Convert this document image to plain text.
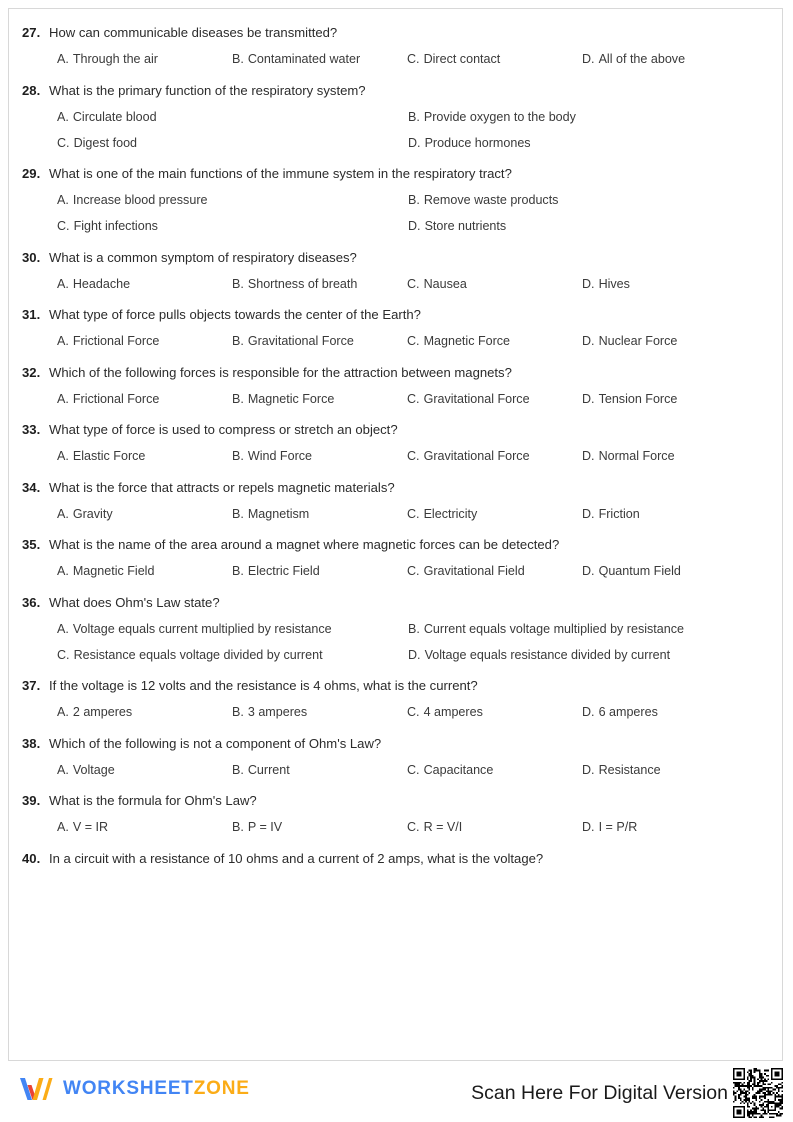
27. How can communicable diseases be transmitted?
A. Through the air	B. Contaminated water	C. Direct contact	D. All of the above
28. What is the primary function of the respiratory system?
A. Circulate blood	B. Provide oxygen to the body
C. Digest food	D. Produce hormones
29. What is one of the main functions of the immune system in the respiratory tract?
A. Increase blood pressure	B. Remove waste products
C. Fight infections	D. Store nutrients
30. What is a common symptom of respiratory diseases?
A. Headache	B. Shortness of breath	C. Nausea	D. Hives
31. What type of force pulls objects towards the center of the Earth?
A. Frictional Force	B. Gravitational Force	C. Magnetic Force	D. Nuclear Force
32. Which of the following forces is responsible for the attraction between magnets?
A. Frictional Force	B. Magnetic Force	C. Gravitational Force	D. Tension Force
33. What type of force is used to compress or stretch an object?
A. Elastic Force	B. Wind Force	C. Gravitational Force	D. Normal Force
34. What is the force that attracts or repels magnetic materials?
A. Gravity	B. Magnetism	C. Electricity	D. Friction
35. What is the name of the area around a magnet where magnetic forces can be detected?
A. Magnetic Field	B. Electric Field	C. Gravitational Field	D. Quantum Field
36. What does Ohm's Law state?
A. Voltage equals current multiplied by resistance	B. Current equals voltage multiplied by resistance
C. Resistance equals voltage divided by current	D. Voltage equals resistance divided by current
37. If the voltage is 12 volts and the resistance is 4 ohms, what is the current?
A. 2 amperes	B. 3 amperes	C. 4 amperes	D. 6 amperes
38. Which of the following is not a component of Ohm's Law?
A. Voltage	B. Current	C. Capacitance	D. Resistance
39. What is the formula for Ohm's Law?
A. V = IR	B. P = IV	C. R = V/I	D. I = P/R
40. In a circuit with a resistance of 10 ohms and a current of 2 amps, what is the voltage?
WORKSHEETZONE	Scan Here For Digital Version
